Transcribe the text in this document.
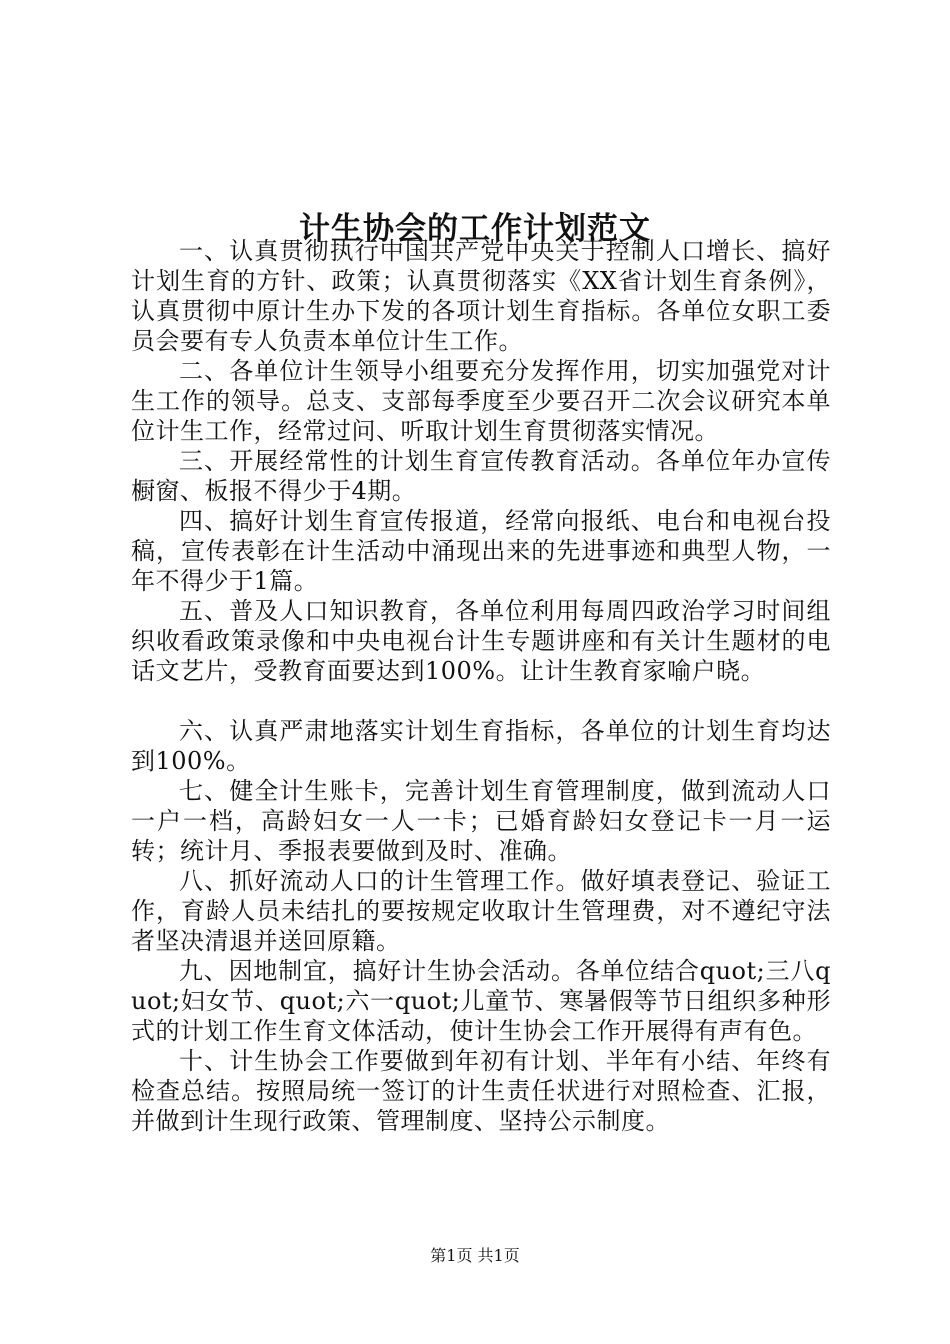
计生协会的工作计划范文

一、认真贯彻执行中国共产党中央关于控制人口增长、搞好计划生育的方针、政策；认真贯彻落实《XX省计划生育条例》，认真贯彻中原计生办下发的各项计划生育指标。各单位女职工委员会要有专人负责本单位计生工作。

二、各单位计生领导小组要充分发挥作用，切实加强党对计生工作的领导。总支、支部每季度至少要召开二次会议研究本单位计生工作，经常过问、听取计划生育贯彻落实情况。

三、开展经常性的计划生育宣传教育活动。各单位年办宣传橱窗、板报不得少于4期。

四、搞好计划生育宣传报道，经常向报纸、电台和电视台投稿，宣传表彰在计生活动中涌现出来的先进事迹和典型人物，一年不得少于1篇。

五、普及人口知识教育，各单位利用每周四政治学习时间组织收看政策录像和中央电视台计生专题讲座和有关计生题材的电话文艺片，受教育面要达到100%。让计生教育家喻户晓。

六、认真严肃地落实计划生育指标，各单位的计划生育均达到100%。

七、健全计生账卡，完善计划生育管理制度，做到流动人口一户一档，高龄妇女一人一卡；已婚育龄妇女登记卡一月一运转；统计月、季报表要做到及时、准确。

八、抓好流动人口的计生管理工作。做好填表登记、验证工作，育龄人员未结扎的要按规定收取计生管理费，对不遵纪守法者坚决清退并送回原籍。

九、因地制宜，搞好计生协会活动。各单位结合quot;三八quot;妇女节、quot;六一quot;儿童节、寒暑假等节日组织多种形式的计划工作生育文体活动，使计生协会工作开展得有声有色。

十、计生协会工作要做到年初有计划、半年有小结、年终有检查总结。按照局统一签订的计生责任状进行对照检查、汇报，并做到计生现行政策、管理制度、坚持公示制度。

第1页 共1页
